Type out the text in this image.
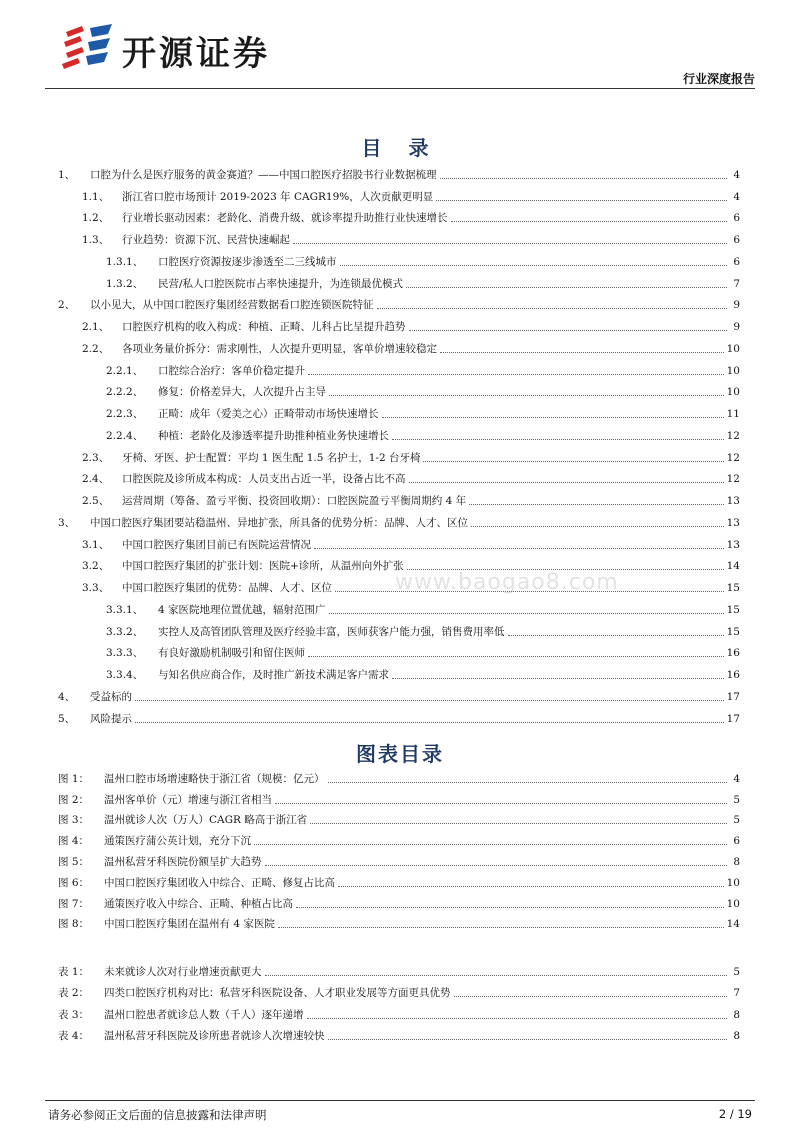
开源证券
行业深度报告
目 录
1、	口腔为什么是医疗服务的黄金赛道？——中国口腔医疗招股书行业数据梳理	4
1.1、	浙江省口腔市场预计 2019-2023 年 CAGR19%，人次贡献更明显	4
1.2、	行业增长驱动因素：老龄化、消费升级、就诊率提升助推行业快速增长	6
1.3、	行业趋势：资源下沉、民营快速崛起	6
1.3.1、	口腔医疗资源按逐步渗透至二三线城市	6
1.3.2、	民营/私人口腔医院市占率快速提升，为连锁最优模式	7
2、	以小见大，从中国口腔医疗集团经营数据看口腔连锁医院特征	9
2.1、	口腔医疗机构的收入构成：种植、正畸、儿科占比呈提升趋势	9
2.2、	各项业务量价拆分：需求刚性，人次提升更明显，客单价增速较稳定	10
2.2.1、	口腔综合治疗：客单价稳定提升	10
2.2.2、	修复：价格差异大，人次提升占主导	10
2.2.3、	正畸：成年（爱美之心）正畸带动市场快速增长	11
2.2.4、	种植：老龄化及渗透率提升助推种植业务快速增长	12
2.3、	牙椅、牙医、护士配置：平均 1 医生配 1.5 名护士，1-2 台牙椅	12
2.4、	口腔医院及诊所成本构成：人员支出占近一半，设备占比不高	12
2.5、	运营周期（筹备、盈亏平衡、投资回收期）：口腔医院盈亏平衡周期约 4 年	13
3、	中国口腔医疗集团要站稳温州、异地扩张，所具备的优势分析：品牌、人才、区位	13
3.1、	中国口腔医疗集团目前已有医院运营情况	13
3.2、	中国口腔医疗集团的扩张计划：医院+诊所，从温州向外扩张	14
3.3、	中国口腔医疗集团的优势：品牌、人才、区位	15
3.3.1、	4 家医院地理位置优越，辐射范围广	15
3.3.2、	实控人及高管团队管理及医疗经验丰富，医师获客户能力强，销售费用率低	15
3.3.3、	有良好激励机制吸引和留住医师	16
3.3.4、	与知名供应商合作，及时推广新技术满足客户需求	16
4、	受益标的	17
5、	风险提示	17
图表目录
图 1：	温州口腔市场增速略快于浙江省（规模：亿元）	4
图 2：	温州客单价（元）增速与浙江省相当	5
图 3：	温州就诊人次（万人）CAGR 略高于浙江省	5
图 4：	通策医疗蒲公英计划，充分下沉	6
图 5：	温州私营牙科医院份额呈扩大趋势	8
图 6：	中国口腔医疗集团收入中综合、正畸、修复占比高	10
图 7：	通策医疗收入中综合、正畸、种植占比高	10
图 8：	中国口腔医疗集团在温州有 4 家医院	14
表 1：	未来就诊人次对行业增速贡献更大	5
表 2：	四类口腔医疗机构对比：私营牙科医院设备、人才职业发展等方面更具优势	7
表 3：	温州口腔患者就诊总人数（千人）逐年递增	8
表 4：	温州私营牙科医院及诊所患者就诊人次增速较快	8
www.baogao8.com
请务必参阅正文后面的信息披露和法律声明	2 / 19
